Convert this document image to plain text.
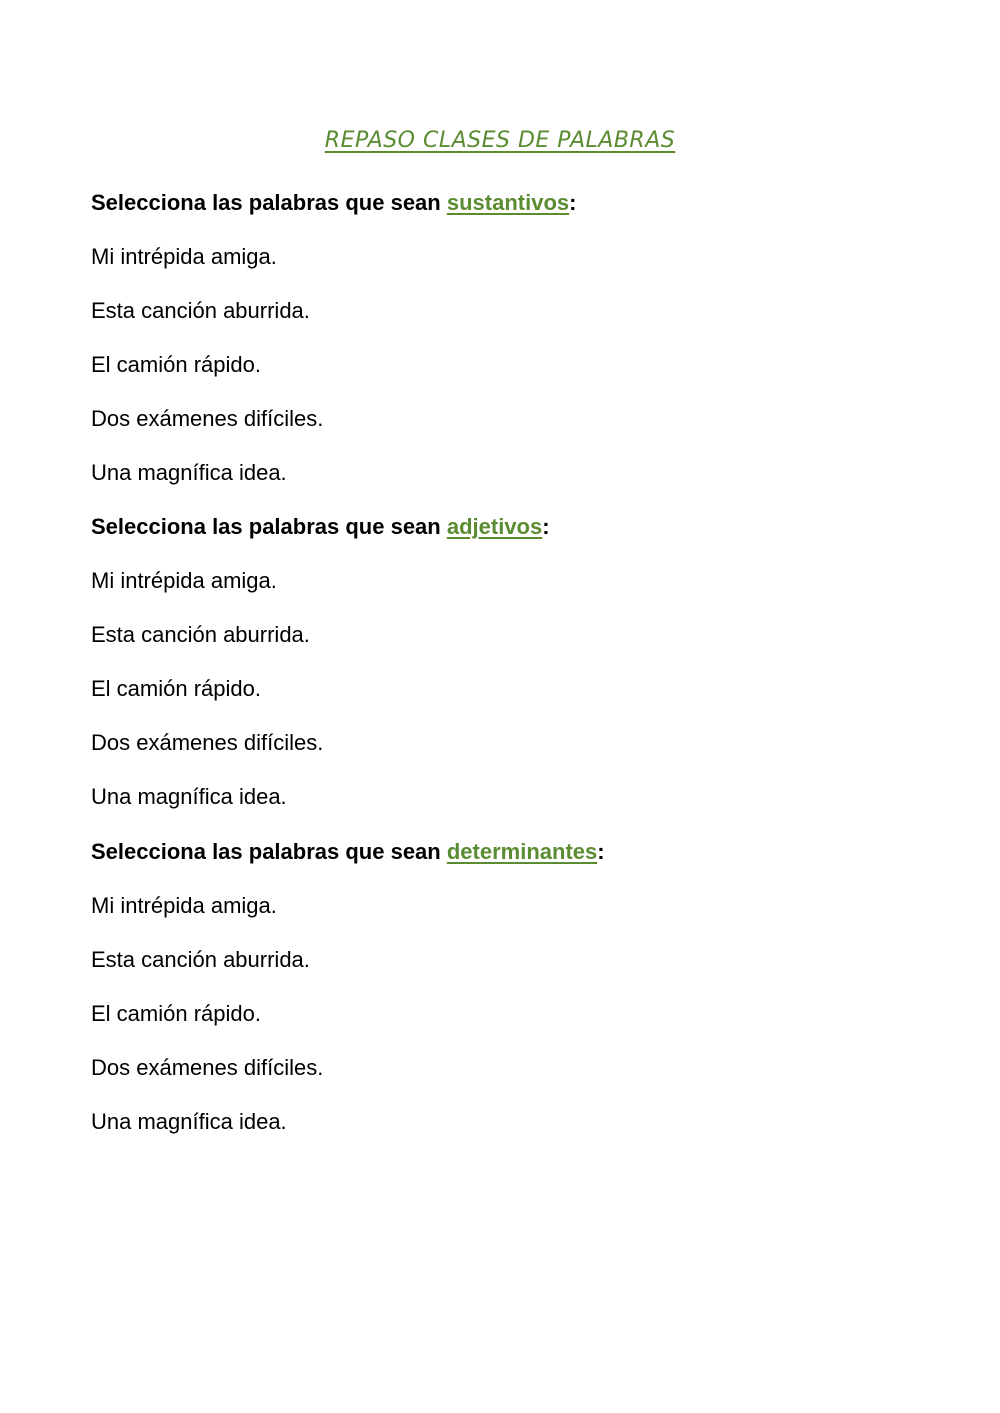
REPASO CLASES DE PALABRAS
Selecciona las palabras que sean sustantivos:
Mi intrépida amiga.
Esta canción aburrida.
El camión rápido.
Dos exámenes difíciles.
Una magnífica idea.
Selecciona las palabras que sean adjetivos:
Mi intrépida amiga.
Esta canción aburrida.
El camión rápido.
Dos exámenes difíciles.
Una magnífica idea.
Selecciona las palabras que sean determinantes:
Mi intrépida amiga.
Esta canción aburrida.
El camión rápido.
Dos exámenes difíciles.
Una magnífica idea.
